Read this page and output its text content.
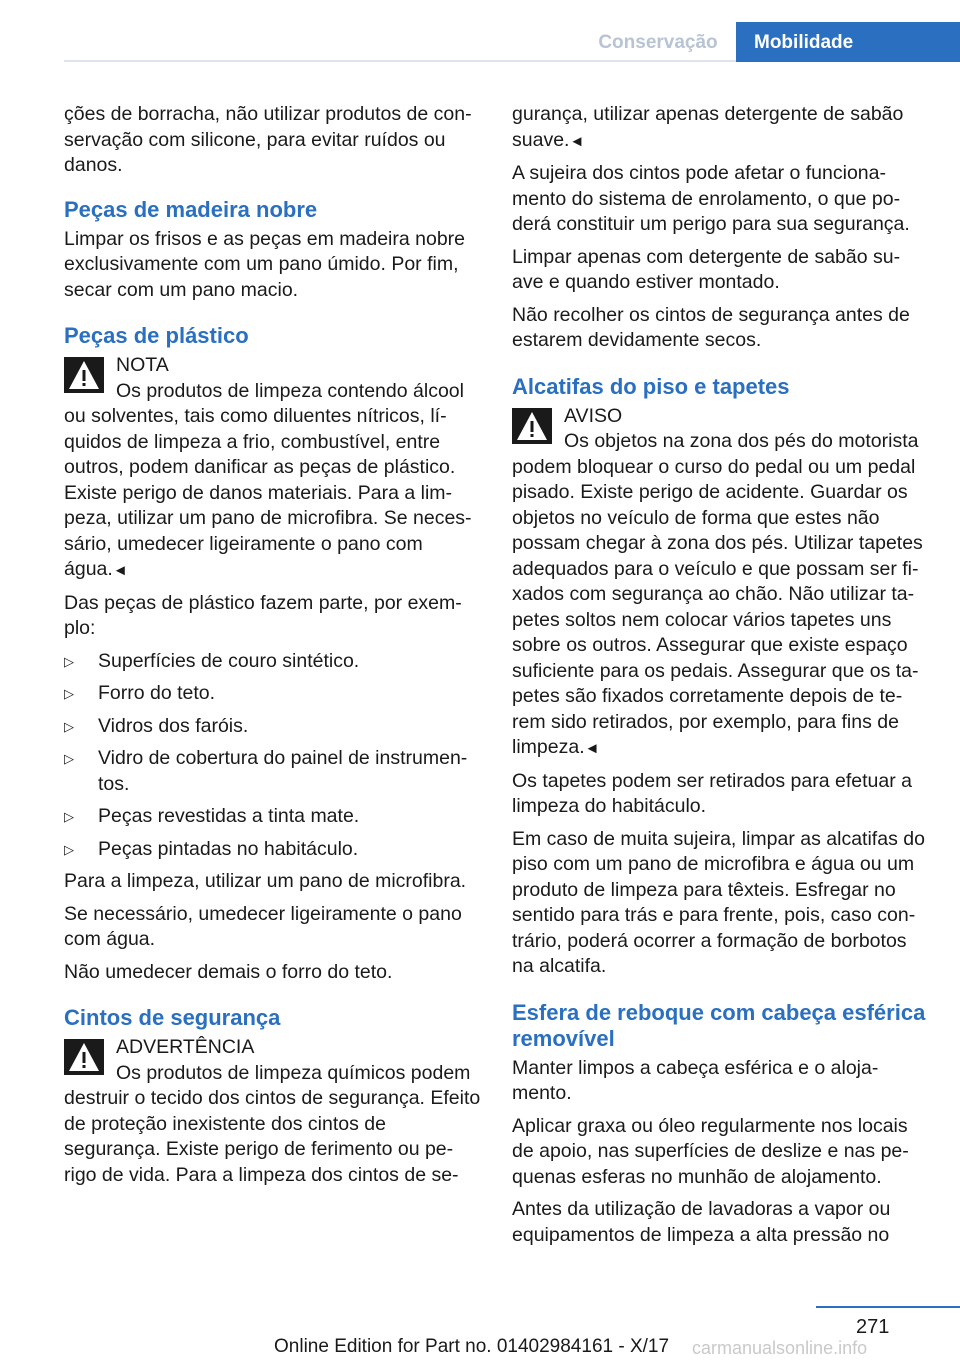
Conservação	Mobilidade

ções de borracha, não utilizar produtos de con-servação com silicone, para evitar ruídos ou danos.

Peças de madeira nobre

Limpar os frisos e as peças em madeira nobre exclusivamente com um pano úmido. Por fim, secar com um pano macio.

Peças de plástico
NOTA
Os produtos de limpeza contendo álcool ou solventes, tais como diluentes nítricos, lí-quidos de limpeza a frio, combustível, entre outros, podem danificar as peças de plástico. Existe perigo de danos materiais. Para a lim-peza, utilizar um pano de microfibra. Se neces-sário, umedecer ligeiramente o pano com água.◄

Das peças de plástico fazem parte, por exem-plo:

▷ Superfícies de couro sintético.
▷ Forro do teto.
▷ Vidros dos faróis.
▷ Vidro de cobertura do painel de instrumen-tos.
▷ Peças revestidas a tinta mate.
▷ Peças pintadas no habitáculo.

Para a limpeza, utilizar um pano de microfibra.

Se necessário, umedecer ligeiramente o pano com água.

Não umedecer demais o forro do teto.

Cintos de segurança
ADVERTÊNCIA
Os produtos de limpeza químicos podem destruir o tecido dos cintos de segurança. Efeito de proteção inexistente dos cintos de segurança. Existe perigo de ferimento ou pe-rigo de vida. Para a limpeza dos cintos de se-

gurança, utilizar apenas detergente de sabão suave.◄

A sujeira dos cintos pode afetar o funciona-mento do sistema de enrolamento, o que po-derá constituir um perigo para sua segurança.

Limpar apenas com detergente de sabão su-ave e quando estiver montado.

Não recolher os cintos de segurança antes de estarem devidamente secos.

Alcatifas do piso e tapetes
AVISO
Os objetos na zona dos pés do motorista podem bloquear o curso do pedal ou um pedal pisado. Existe perigo de acidente. Guardar os objetos no veículo de forma que estes não possam chegar à zona dos pés. Utilizar tapetes adequados para o veículo e que possam ser fi-xados com segurança ao chão. Não utilizar ta-petes soltos nem colocar vários tapetes uns sobre os outros. Assegurar que existe espaço suficiente para os pedais. Assegurar que os ta-petes são fixados corretamente depois de te-rem sido retirados, por exemplo, para fins de limpeza.◄

Os tapetes podem ser retirados para efetuar a limpeza do habitáculo.

Em caso de muita sujeira, limpar as alcatifas do piso com um pano de microfibra e água ou um produto de limpeza para têxteis. Esfregar no sentido para trás e para frente, pois, caso con-trário, poderá ocorrer a formação de borbotos na alcatifa.

Esfera de reboque com cabeça esférica removível

Manter limpos a cabeça esférica e o aloja-mento.

Aplicar graxa ou óleo regularmente nos locais de apoio, nas superfícies de deslize e nas pe-quenas esferas no munhão de alojamento.

Antes da utilização de lavadoras a vapor ou equipamentos de limpeza a alta pressão no

271
Online Edition for Part no. 01402984161 - X/17 carmanualsonline.info
